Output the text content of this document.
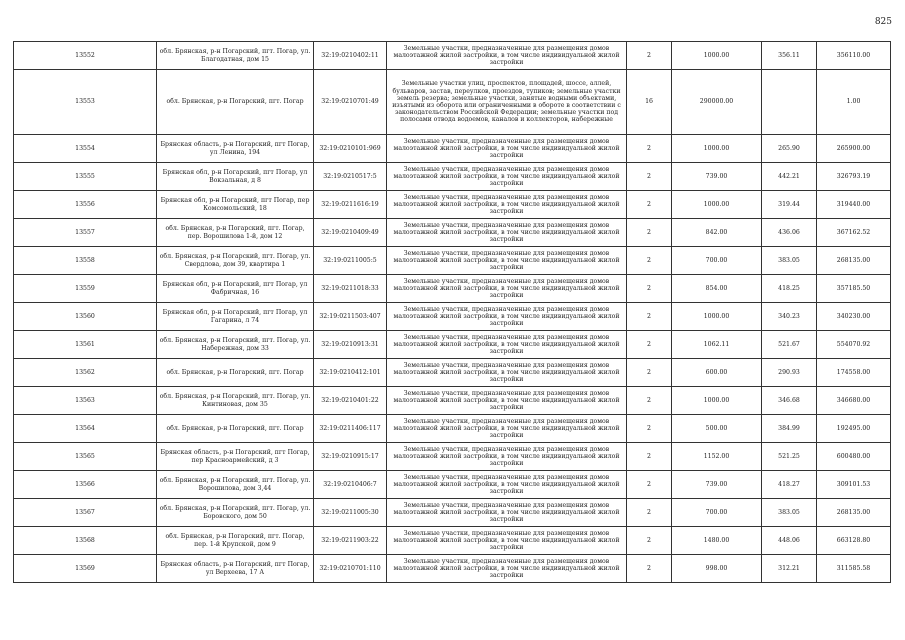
825
13552	обл. Брянская, р-н Погарский, пгт. Погар, ул. Благодатная, дом 15	32:19:0210402:11	Земельные участки, предназначенные для размещения домов малоэтажной жилой застройки, в том числе индивидуальной жилой застройки	2	1000.00	356.11	356110.00
13553	обл. Брянская, р-н Погарский, пгт. Погар	32:19:0210701:49	Земельные участки улиц, проспектов, площадей, шоссе, аллей, бульваров, застав, переулков, проездов, тупиков; земельные участки земель резерва; земельные участки, занятые водными объектами, изъятыми из оборота или ограниченными в обороте в соответствии с законодательством Российской Федерации; земельные участки под полосами отвода водоемов, каналов и коллекторов, набережные	16	290000.00		1.00
13554	Брянская область, р-н Погарский, пгт Погар, ул Ленина, 194	32:19:0210101:969	Земельные участки, предназначенные для размещения домов малоэтажной жилой застройки, в том числе индивидуальной жилой застройки	2	1000.00	265.90	265900.00
13555	Брянская обл, р-н Погарский, пгт Погар, ул Вокзальная, д 8	32:19:0210517:5	Земельные участки, предназначенные для размещения домов малоэтажной жилой застройки, в том числе индивидуальной жилой застройки	2	739.00	442.21	326793.19
13556	Брянская обл, р-н Погарский, пгт Погар, пер Комсомольский, 18	32:19:0211616:19	Земельные участки, предназначенные для размещения домов малоэтажной жилой застройки, в том числе индивидуальной жилой застройки	2	1000.00	319.44	319440.00
13557	обл. Брянская, р-н Погарский, пгт. Погар, пер. Ворошилова 1-й, дом 12	32:19:0210409:49	Земельные участки, предназначенные для размещения домов малоэтажной жилой застройки, в том числе индивидуальной жилой застройки	2	842.00	436.06	367162.52
13558	обл. Брянская, р-н Погарский, пгт. Погар, ул. Свердлова, дом 39, квартира 1	32:19:0211005:5	Земельные участки, предназначенные для размещения домов малоэтажной жилой застройки, в том числе индивидуальной жилой застройки	2	700.00	383.05	268135.00
13559	Брянская обл, р-н Погарский, пгт Погар, ул Фабричная, 16	32:19:0211018:33	Земельные участки, предназначенные для размещения домов малоэтажной жилой застройки, в том числе индивидуальной жилой застройки	2	854.00	418.25	357185.50
13560	Брянская обл, р-н Погарский, пгт Погар, ул Гагарина, л 74	32:19:0211503:407	Земельные участки, предназначенные для размещения домов малоэтажной жилой застройки, в том числе индивидуальной жилой застройки	2	1000.00	340.23	340230.00
13561	обл. Брянская, р-н Погарский, пгт. Погар, ул. Набережная, дом 33	32:19:0210913:31	Земельные участки, предназначенные для размещения домов малоэтажной жилой застройки, в том числе индивидуальной жилой застройки	2	1062.11	521.67	554070.92
13562	обл. Брянская, р-н Погарский, пгт. Погар	32:19:0210412:101	Земельные участки, предназначенные для размещения домов малоэтажной жилой застройки, в том числе индивидуальной жилой застройки	2	600.00	290.93	174558.00
13563	обл. Брянская, р-н Погарский, пгт. Погар, ул. Кинтиновая, дом 35	32:19:0210401:22	Земельные участки, предназначенные для размещения домов малоэтажной жилой застройки, в том числе индивидуальной жилой застройки	2	1000.00	346.68	346680.00
13564	обл. Брянская, р-н Погарский, пгт. Погар	32:19:0211406:117	Земельные участки, предназначенные для размещения домов малоэтажной жилой застройки, в том числе индивидуальной жилой застройки	2	500.00	384.99	192495.00
13565	Брянская область, р-н Погарский, пгт Погар, пер Красноармейский, д 3	32:19:0210915:17	Земельные участки, предназначенные для размещения домов малоэтажной жилой застройки, в том числе индивидуальной жилой застройки	2	1152.00	521.25	600480.00
13566	обл. Брянская, р-н Погарский, пгт. Погар, ул. Ворошилова, дом 3,44	32:19:0210406:7	Земельные участки, предназначенные для размещения домов малоэтажной жилой застройки, в том числе индивидуальной жилой застройки	2	739.00	418.27	309101.53
13567	обл. Брянская, р-н Погарский, пгт. Погар, ул. Боровского, дом 50	32:19:0211005:30	Земельные участки, предназначенные для размещения домов малоэтажной жилой застройки, в том числе индивидуальной жилой застройки	2	700.00	383.05	268135.00
13568	обл. Брянская, р-н Погарский, пгт. Погар, пер. 1-й Крупской, дом 9	32:19:0211903:22	Земельные участки, предназначенные для размещения домов малоэтажной жилой застройки, в том числе индивидуальной жилой застройки	2	1480.00	448.06	663128.80
13569	Брянская область, р-н Погарский, пгт Погар, ул Верхеева, 17 А	32:19:0210701:110	Земельные участки, предназначенные для размещения домов малоэтажной жилой застройки, в том числе индивидуальной жилой застройки	2	998.00	312.21	311585.58
